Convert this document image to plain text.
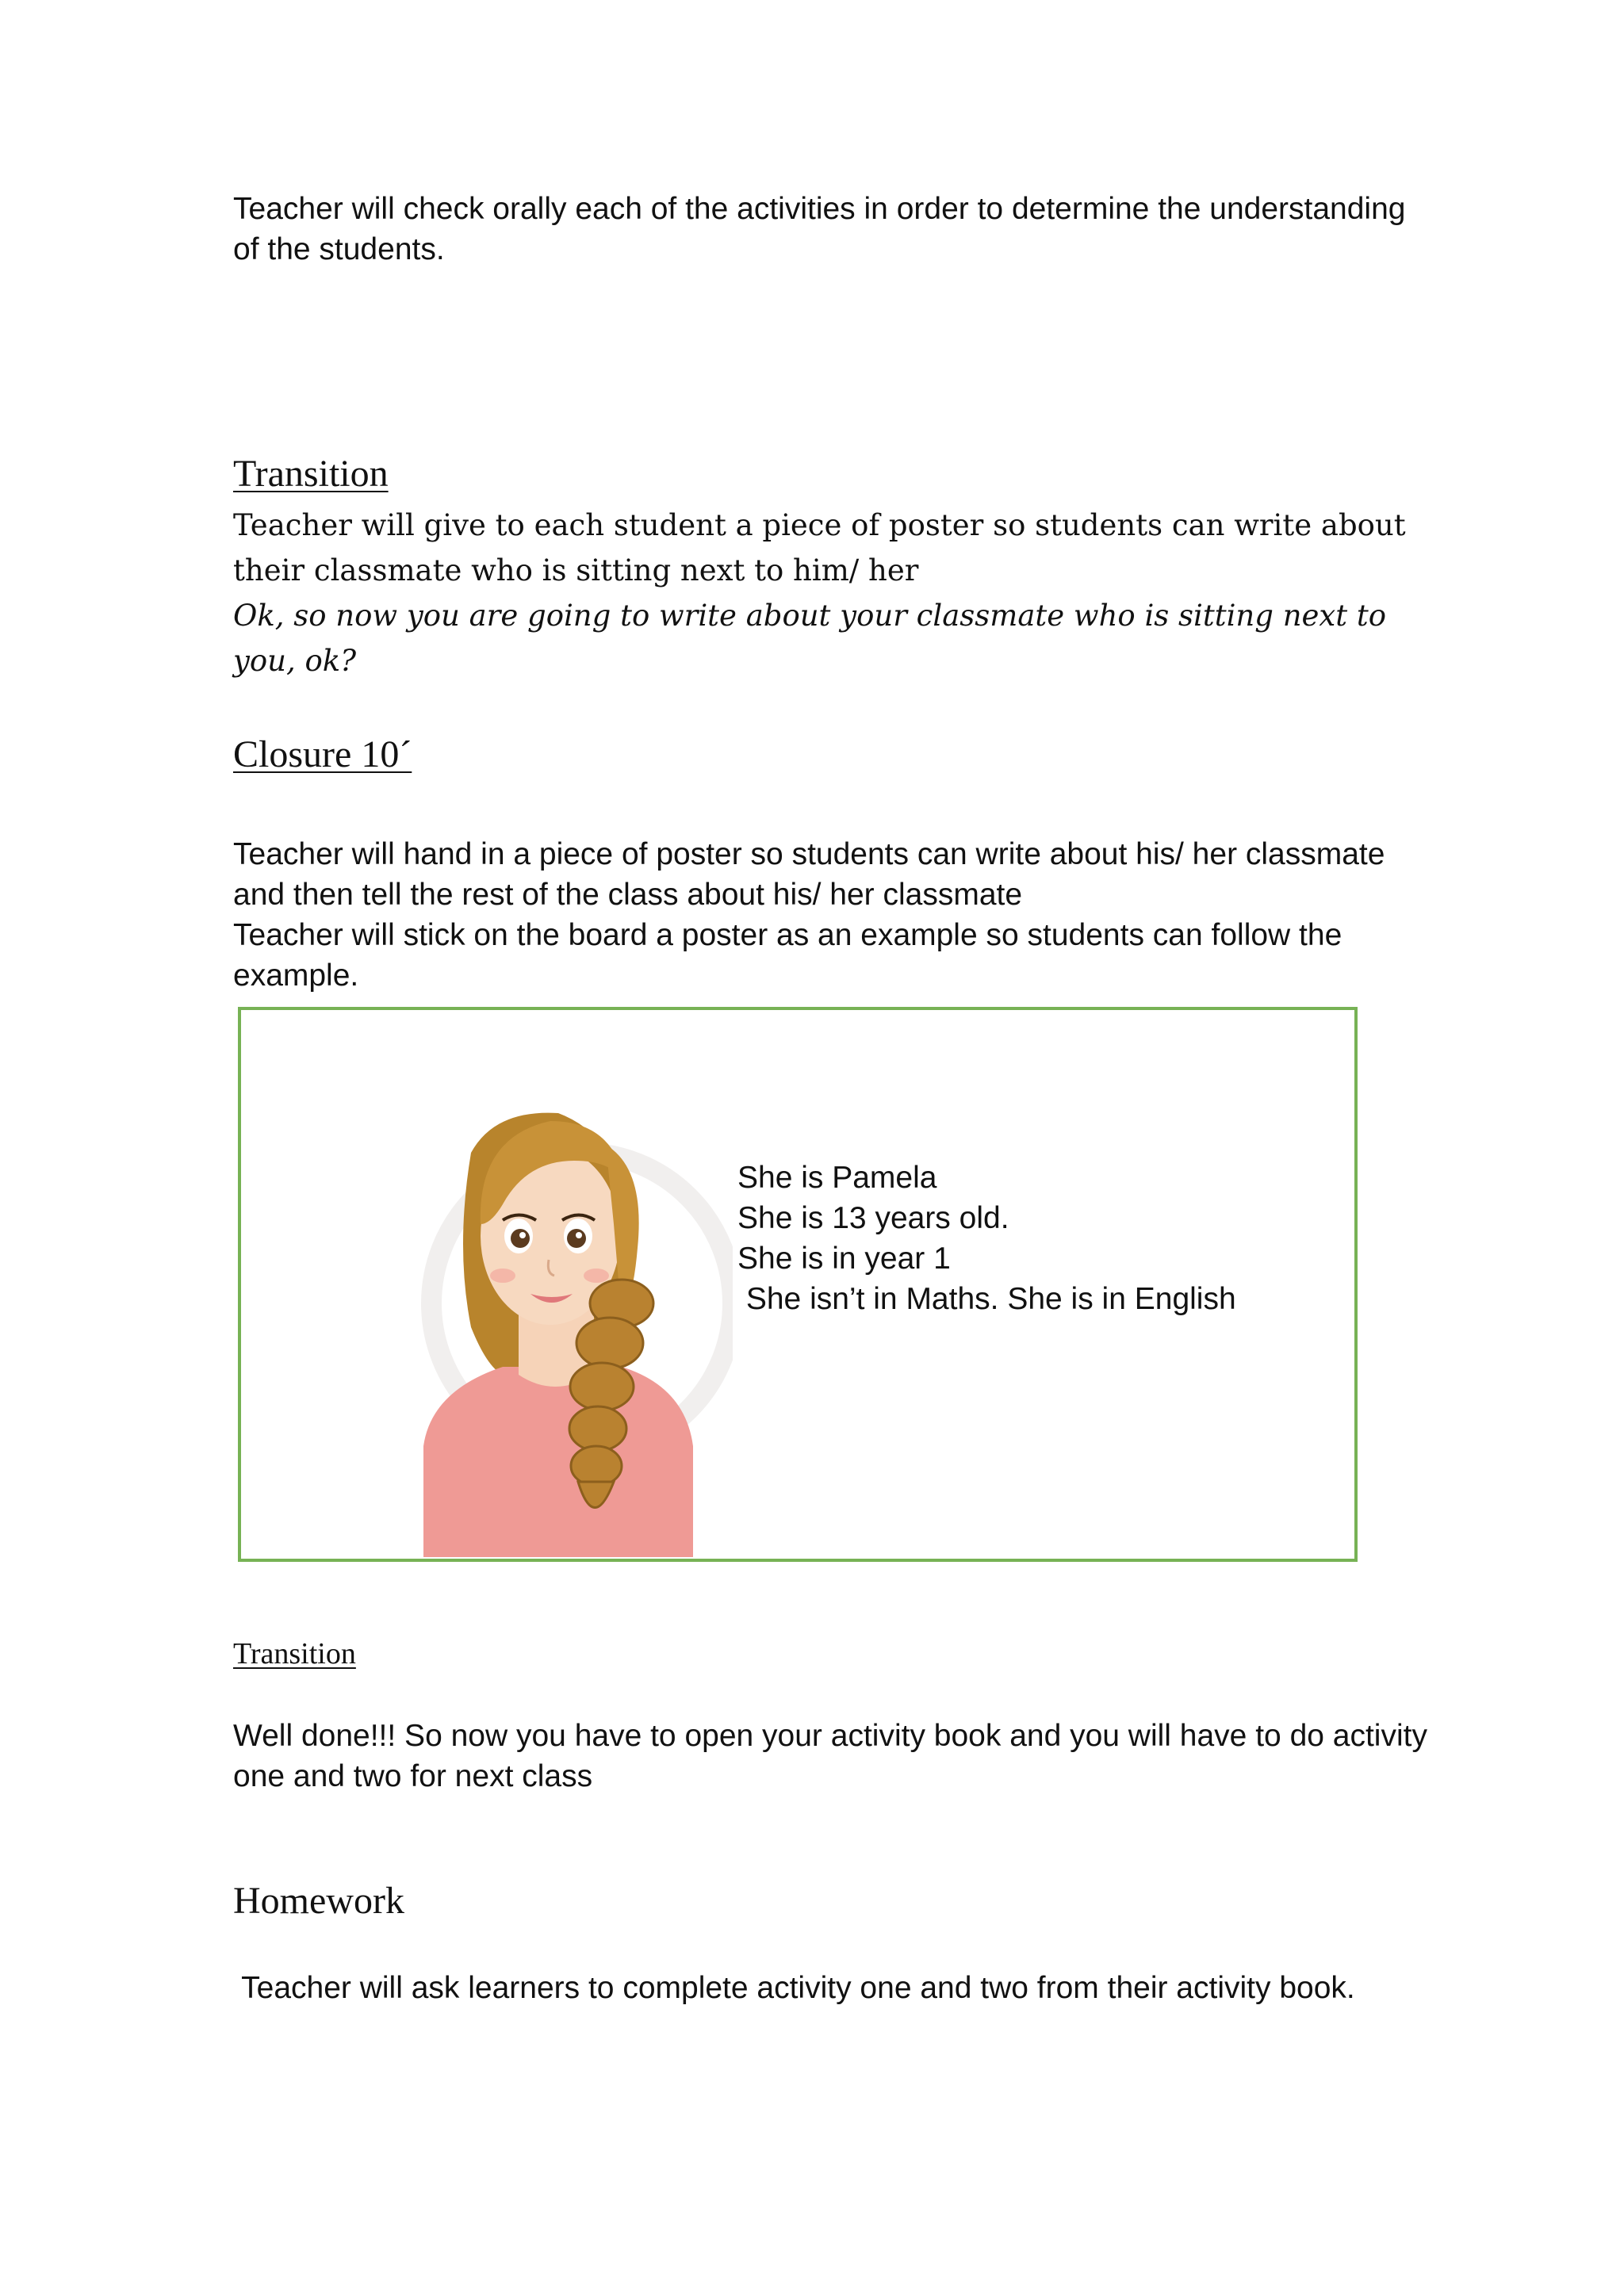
Teacher will check orally each of the activities in order to determine the understanding
of the students.
Transition
Teacher will give to each student a piece of poster so students can write about
their classmate who is sitting next to him/ her
Ok, so now you are going to write about your classmate who is sitting next to you, ok?
Closure 10´
Teacher will hand in a piece of poster so students can write about his/ her classmate
and then tell the rest of the class about his/ her classmate
Teacher will stick on the board a poster as an example so students can follow the
example.
She is Pamela
She is 13 years old.
She is in year 1
She isn’t in Maths. She is in English
Transition
Well done!!! So now you have to open your activity book and you will have to do activity
one and two for next class
Homework
Teacher will ask learners to complete activity one and two from their activity book.
